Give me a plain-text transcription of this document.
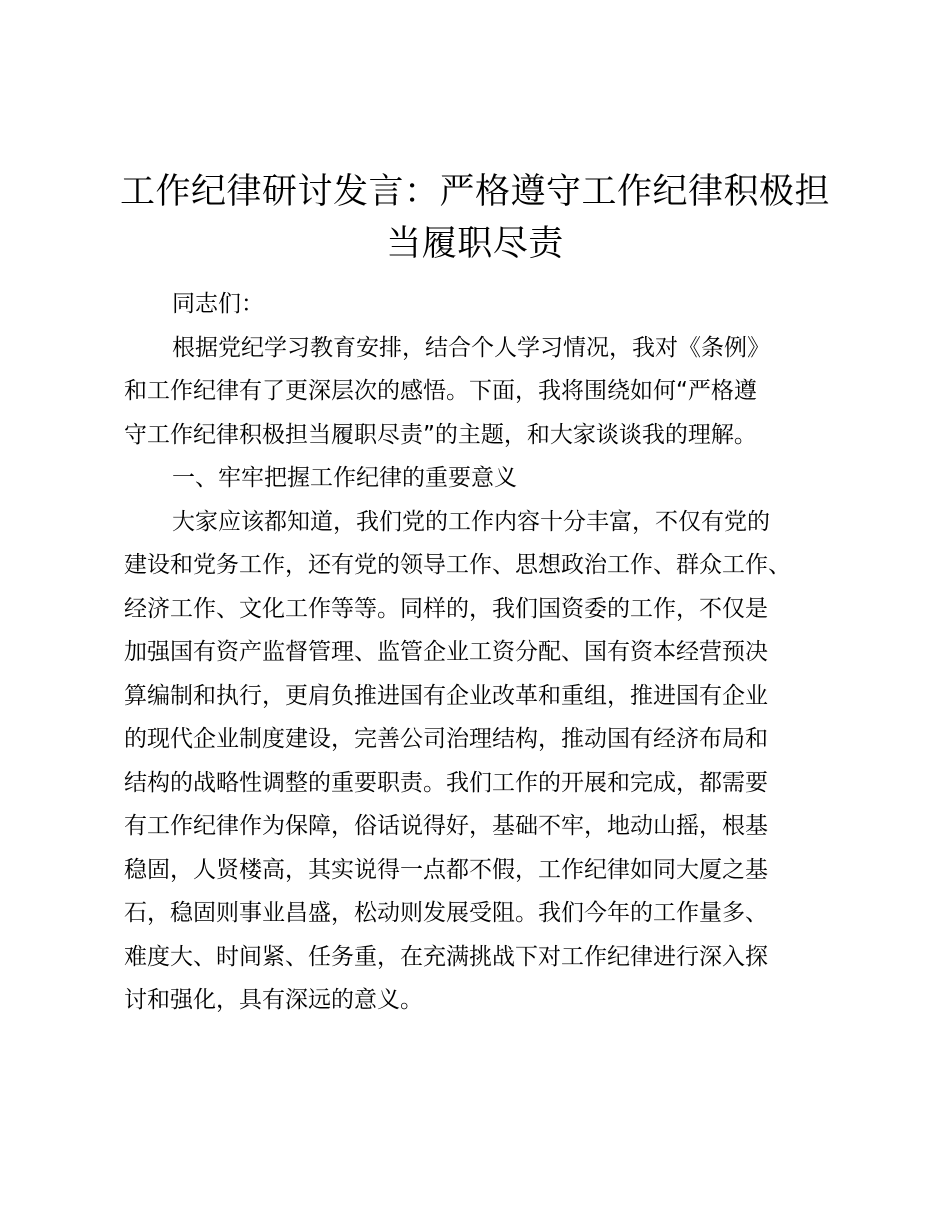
工作纪律研讨发言：严格遵守工作纪律积极担
当履职尽责

同志们：

根据党纪学习教育安排，结合个人学习情况，我对《条例》
和工作纪律有了更深层次的感悟。下面，我将围绕如何“严格遵
守工作纪律积极担当履职尽责”的主题，和大家谈谈我的理解。

一、牢牢把握工作纪律的重要意义

大家应该都知道，我们党的工作内容十分丰富，不仅有党的
建设和党务工作，还有党的领导工作、思想政治工作、群众工作、
经济工作、文化工作等等。同样的，我们国资委的工作，不仅是
加强国有资产监督管理、监管企业工资分配、国有资本经营预决
算编制和执行，更肩负推进国有企业改革和重组，推进国有企业
的现代企业制度建设，完善公司治理结构，推动国有经济布局和
结构的战略性调整的重要职责。我们工作的开展和完成，都需要
有工作纪律作为保障，俗话说得好，基础不牢，地动山摇，根基
稳固，人贤楼高，其实说得一点都不假，工作纪律如同大厦之基
石，稳固则事业昌盛，松动则发展受阻。我们今年的工作量多、
难度大、时间紧、任务重，在充满挑战下对工作纪律进行深入探
讨和强化，具有深远的意义。
